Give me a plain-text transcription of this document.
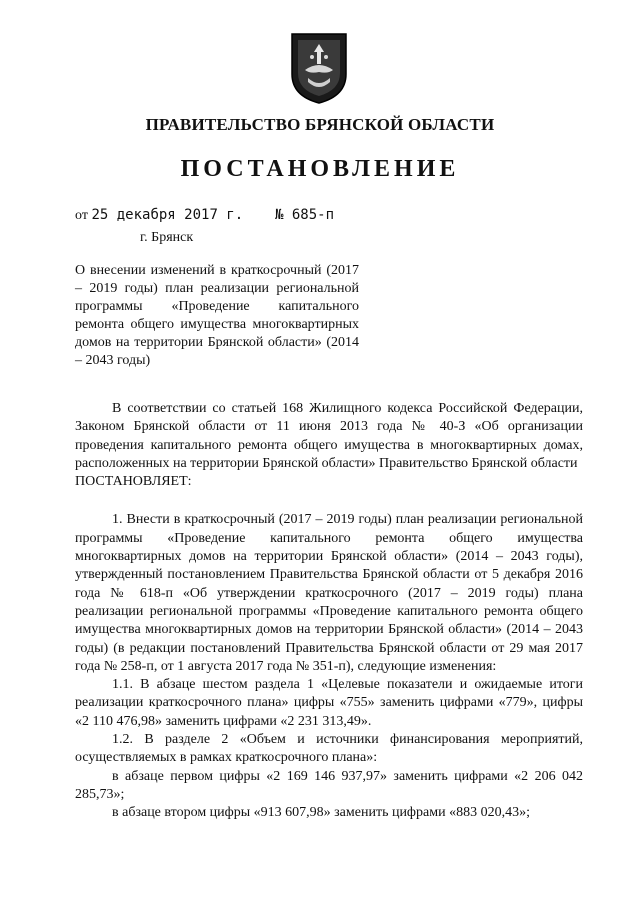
ПРАВИТЕЛЬСТВО БРЯНСКОЙ ОБЛАСТИ
ПОСТАНОВЛЕНИЕ
от 25 декабря 2017 г. № 685-п
г. Брянск
О внесении изменений в краткосрочный (2017 – 2019 годы) план реализации региональной программы «Проведение капитального ремонта общего имущества многоквартирных домов на территории Брянской области» (2014 – 2043 годы)

В соответствии со статьей 168 Жилищного кодекса Российской Федерации, Законом Брянской области от 11 июня 2013 года № 40-З «Об организации проведения капитального ремонта общего имущества в многоквартирных домах, расположенных на территории Брянской области» Правительство Брянской области

ПОСТАНОВЛЯЕТ:

1. Внести в краткосрочный (2017 – 2019 годы) план реализации региональной программы «Проведение капитального ремонта общего имущества многоквартирных домов на территории Брянской области» (2014 – 2043 годы), утвержденный постановлением Правительства Брянской области от 5 декабря 2016 года № 618-п «Об утверждении краткосрочного (2017 – 2019 годы) плана реализации региональной программы «Проведение капитального ремонта общего имущества многоквартирных домов на территории Брянской области» (2014 – 2043 годы) (в редакции постановлений Правительства Брянской области от 29 мая 2017 года № 258-п, от 1 августа 2017 года № 351-п), следующие изменения:

1.1. В абзаце шестом раздела 1 «Целевые показатели и ожидаемые итоги реализации краткосрочного плана» цифры «755» заменить цифрами «779», цифры «2 110 476,98» заменить цифрами «2 231 313,49».

1.2. В разделе 2 «Объем и источники финансирования мероприятий, осуществляемых в рамках краткосрочного плана»:

в абзаце первом цифры «2 169 146 937,97» заменить цифрами «2 206 042 285,73»;

в абзаце втором цифры «913 607,98» заменить цифрами «883 020,43»;
